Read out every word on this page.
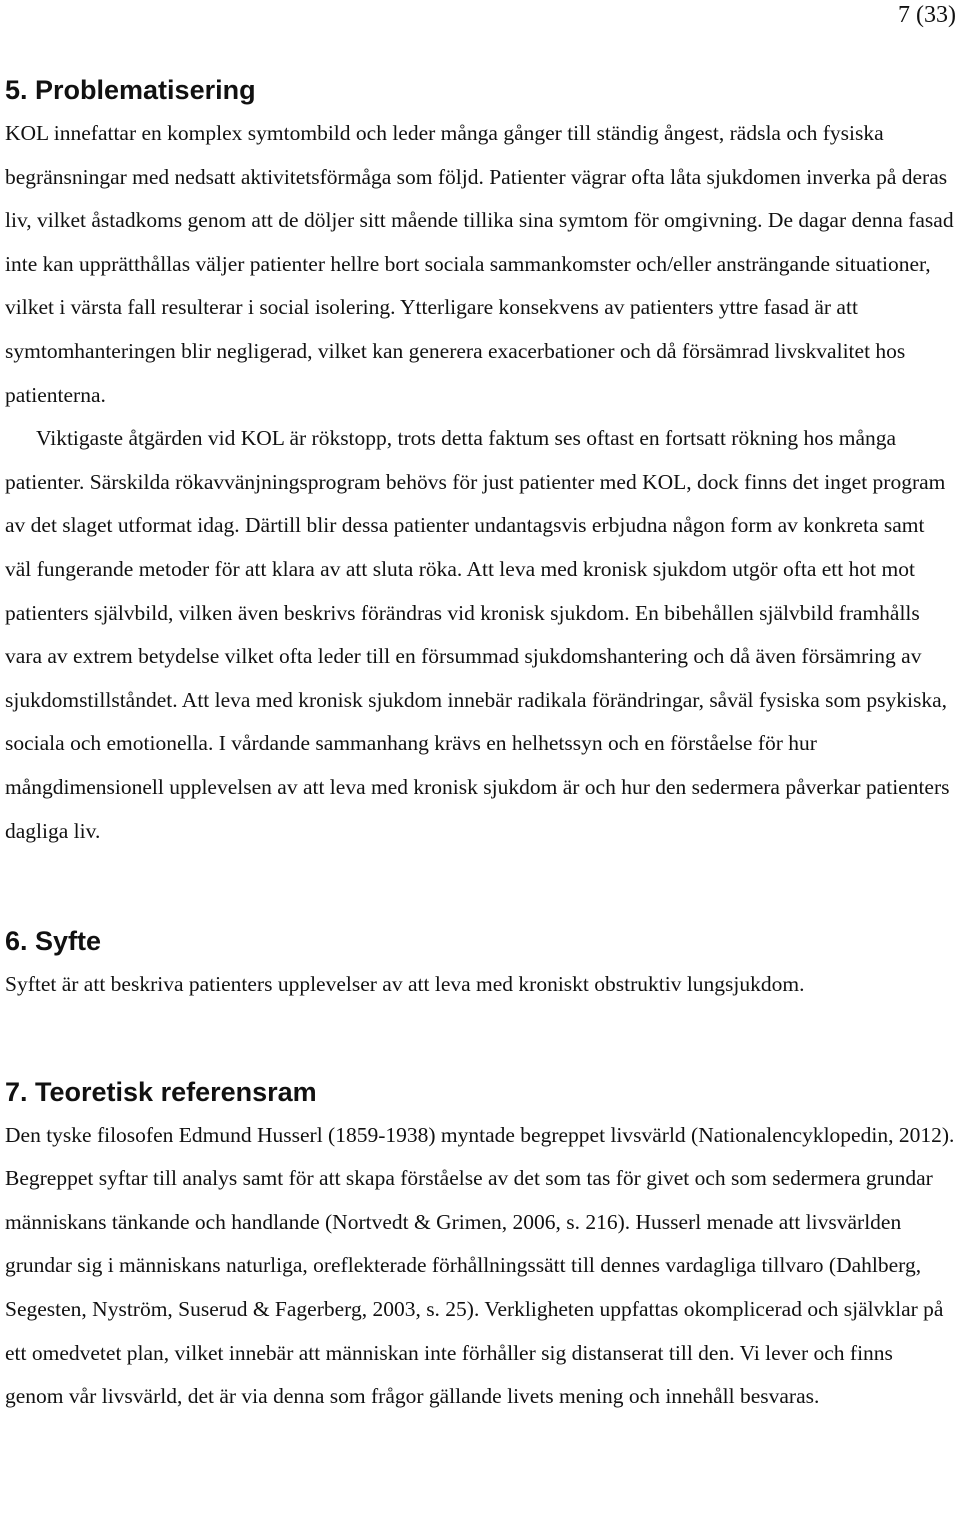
7 (33)
5. Problematisering

KOL innefattar en komplex symtombild och leder många gånger till ständig ångest, rädsla och fysiska begränsningar med nedsatt aktivitetsförmåga som följd. Patienter vägrar ofta låta sjukdomen inverka på deras liv, vilket åstadkoms genom att de döljer sitt mående tillika sina symtom för omgivning. De dagar denna fasad inte kan upprätthållas väljer patienter hellre bort sociala sammankomster och/eller ansträngande situationer, vilket i värsta fall resulterar i social isolering. Ytterligare konsekvens av patienters yttre fasad är att symtomhanteringen blir negligerad, vilket kan generera exacerbationer och då försämrad livskvalitet hos patienterna.

Viktigaste åtgärden vid KOL är rökstopp, trots detta faktum ses oftast en fortsatt rökning hos många patienter. Särskilda rökavvänjningsprogram behövs för just patienter med KOL, dock finns det inget program av det slaget utformat idag. Därtill blir dessa patienter undantagsvis erbjudna någon form av konkreta samt väl fungerande metoder för att klara av att sluta röka. Att leva med kronisk sjukdom utgör ofta ett hot mot patienters självbild, vilken även beskrivs förändras vid kronisk sjukdom. En bibehållen självbild framhålls vara av extrem betydelse vilket ofta leder till en försummad sjukdomshantering och då även försämring av sjukdomstillståndet. Att leva med kronisk sjukdom innebär radikala förändringar, såväl fysiska som psykiska, sociala och emotionella. I vårdande sammanhang krävs en helhetssyn och en förståelse för hur mångdimensionell upplevelsen av att leva med kronisk sjukdom är och hur den sedermera påverkar patienters dagliga liv.

6. Syfte

Syftet är att beskriva patienters upplevelser av att leva med kroniskt obstruktiv lungsjukdom.

7. Teoretisk referensram

Den tyske filosofen Edmund Husserl (1859-1938) myntade begreppet livsvärld (Nationalencyklopedin, 2012). Begreppet syftar till analys samt för att skapa förståelse av det som tas för givet och som sedermera grundar människans tänkande och handlande (Nortvedt & Grimen, 2006, s. 216). Husserl menade att livsvärlden grundar sig i människans naturliga, oreflekterade förhållningssätt till dennes vardagliga tillvaro (Dahlberg, Segesten, Nyström, Suserud & Fagerberg, 2003, s. 25). Verkligheten uppfattas okomplicerad och självklar på ett omedvetet plan, vilket innebär att människan inte förhåller sig distanserat till den. Vi lever och finns genom vår livsvärld, det är via denna som frågor gällande livets mening och innehåll besvaras.
